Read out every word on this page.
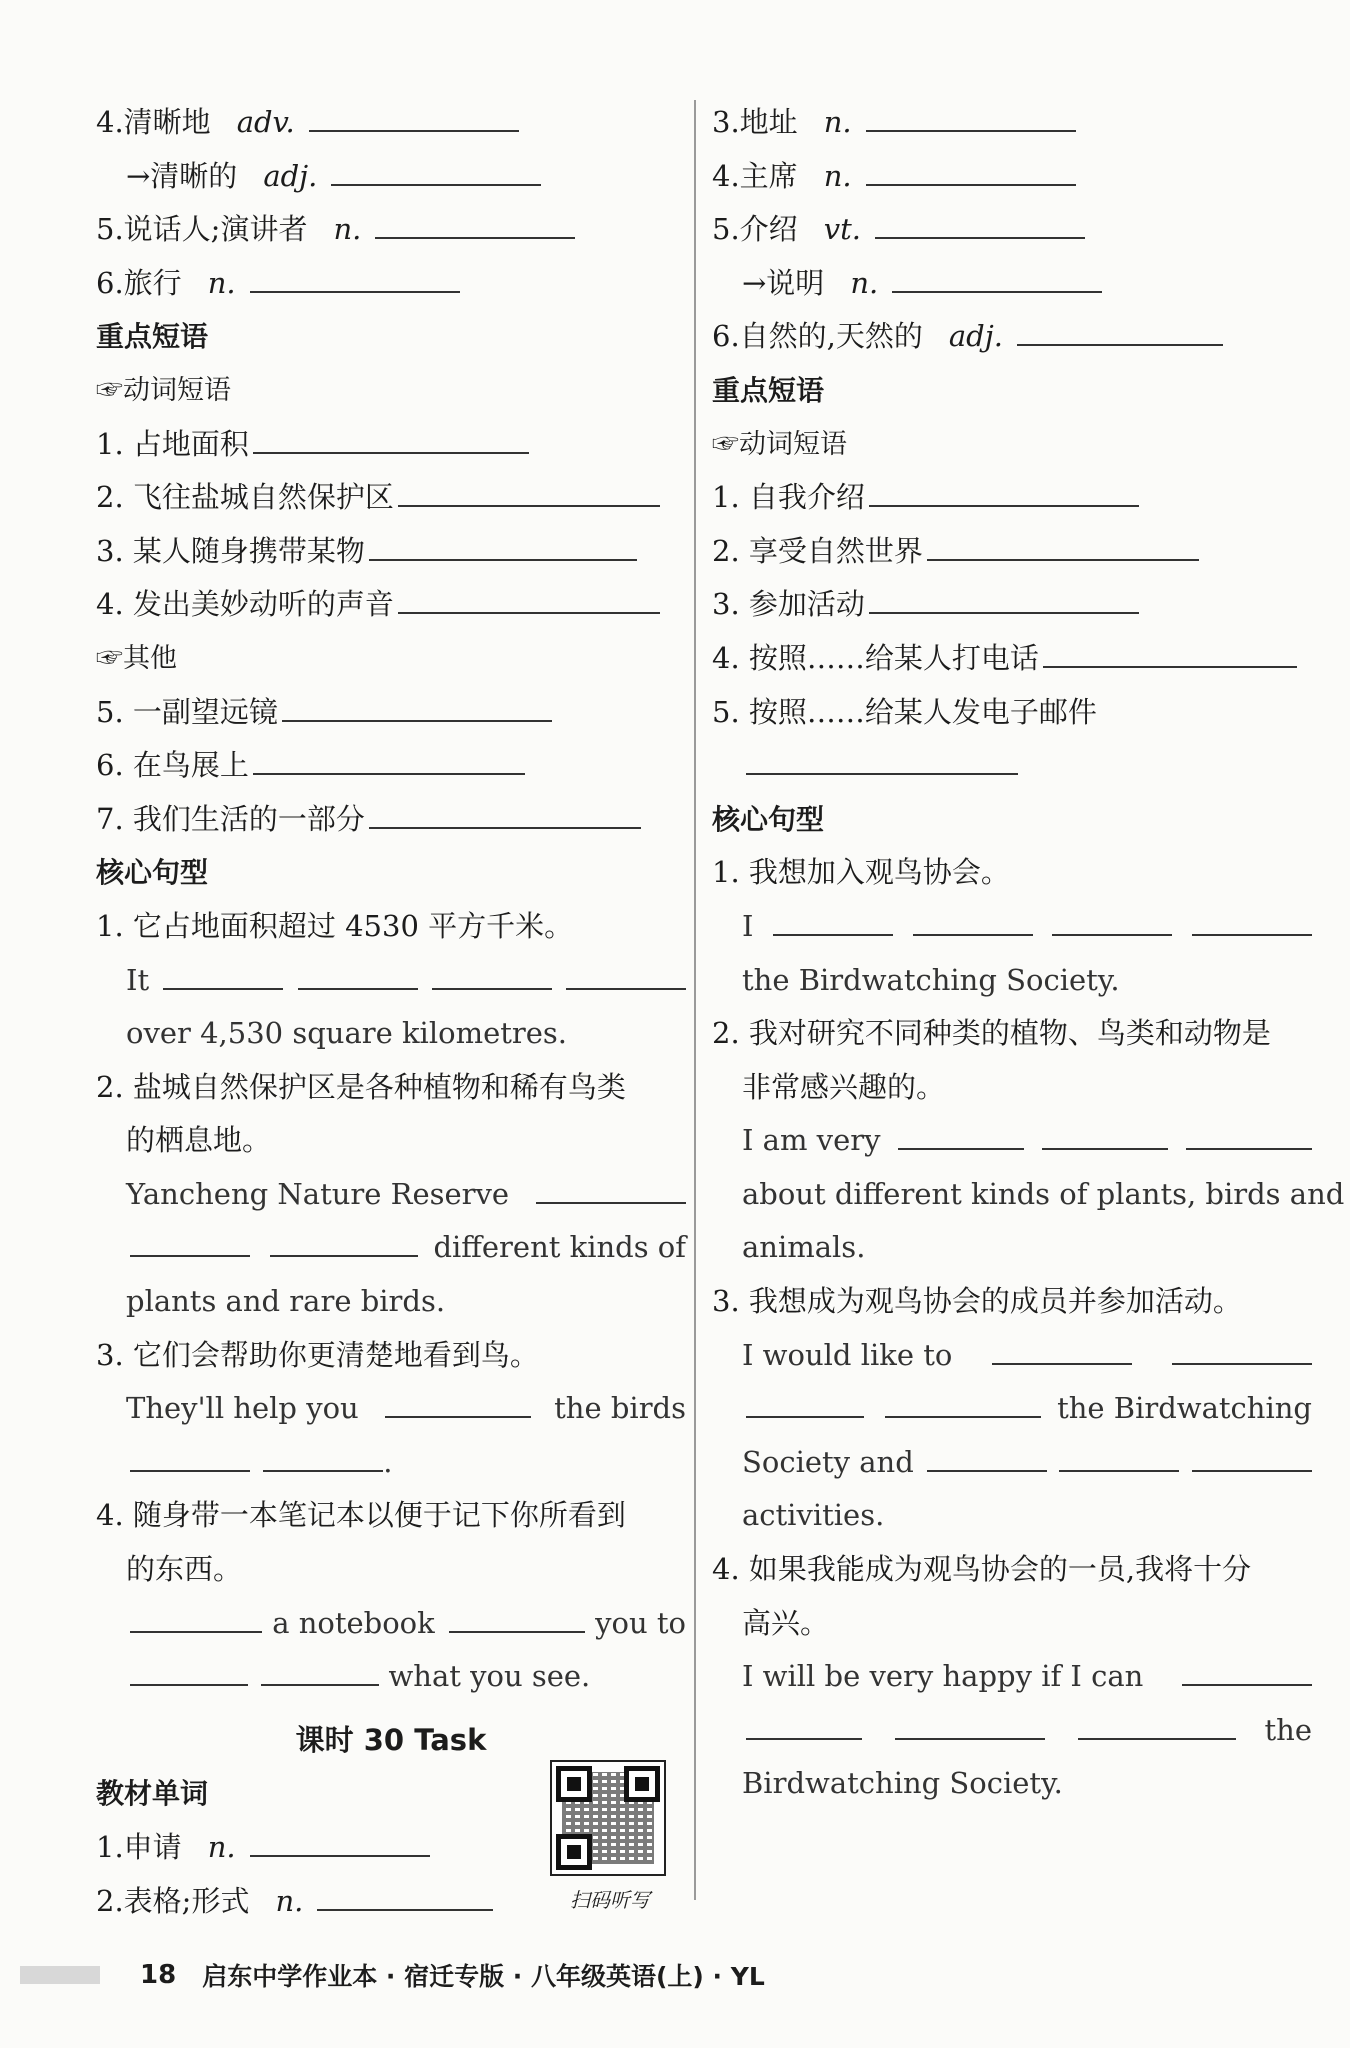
4.清晰地 adv.
→清晰的 adj.
5.说话人;演讲者 n.
6.旅行 n.
重点短语
☞动词短语
1. 占地面积
2. 飞往盐城自然保护区
3. 某人随身携带某物
4. 发出美妙动听的声音
☞其他
5. 一副望远镜
6. 在鸟展上
7. 我们生活的一部分
核心句型
1. 它占地面积超过 4530 平方千米。
It
over 4,530 square kilometres.
2. 盐城自然保护区是各种植物和稀有鸟类
的栖息地。
Yancheng Nature Reserve
different kinds of
plants and rare birds.
3. 它们会帮助你更清楚地看到鸟。
They'll help you	the birds
.
4. 随身带一本笔记本以便于记下你所看到
的东西。
a notebook	you to
what you see.
课时 30 Task
教材单词
1.申请 n.
2.表格;形式 n.	扫码听写
3.地址 n.
4.主席 n.
5.介绍 vt.
→说明 n.
6.自然的,天然的 adj.
重点短语
☞动词短语
1. 自我介绍
2. 享受自然世界
3. 参加活动
4. 按照……给某人打电话
5. 按照……给某人发电子邮件
核心句型
1. 我想加入观鸟协会。
I
the Birdwatching Society.
2. 我对研究不同种类的植物、鸟类和动物是
非常感兴趣的。
I am very
about different kinds of plants, birds and
animals.
3. 我想成为观鸟协会的成员并参加活动。
I would like to
the Birdwatching
Society and
activities.
4. 如果我能成为观鸟协会的一员,我将十分
高兴。
I will be very happy if I can
the
Birdwatching Society.
18 启东中学作业本 · 宿迁专版 · 八年级英语(上) · YL
